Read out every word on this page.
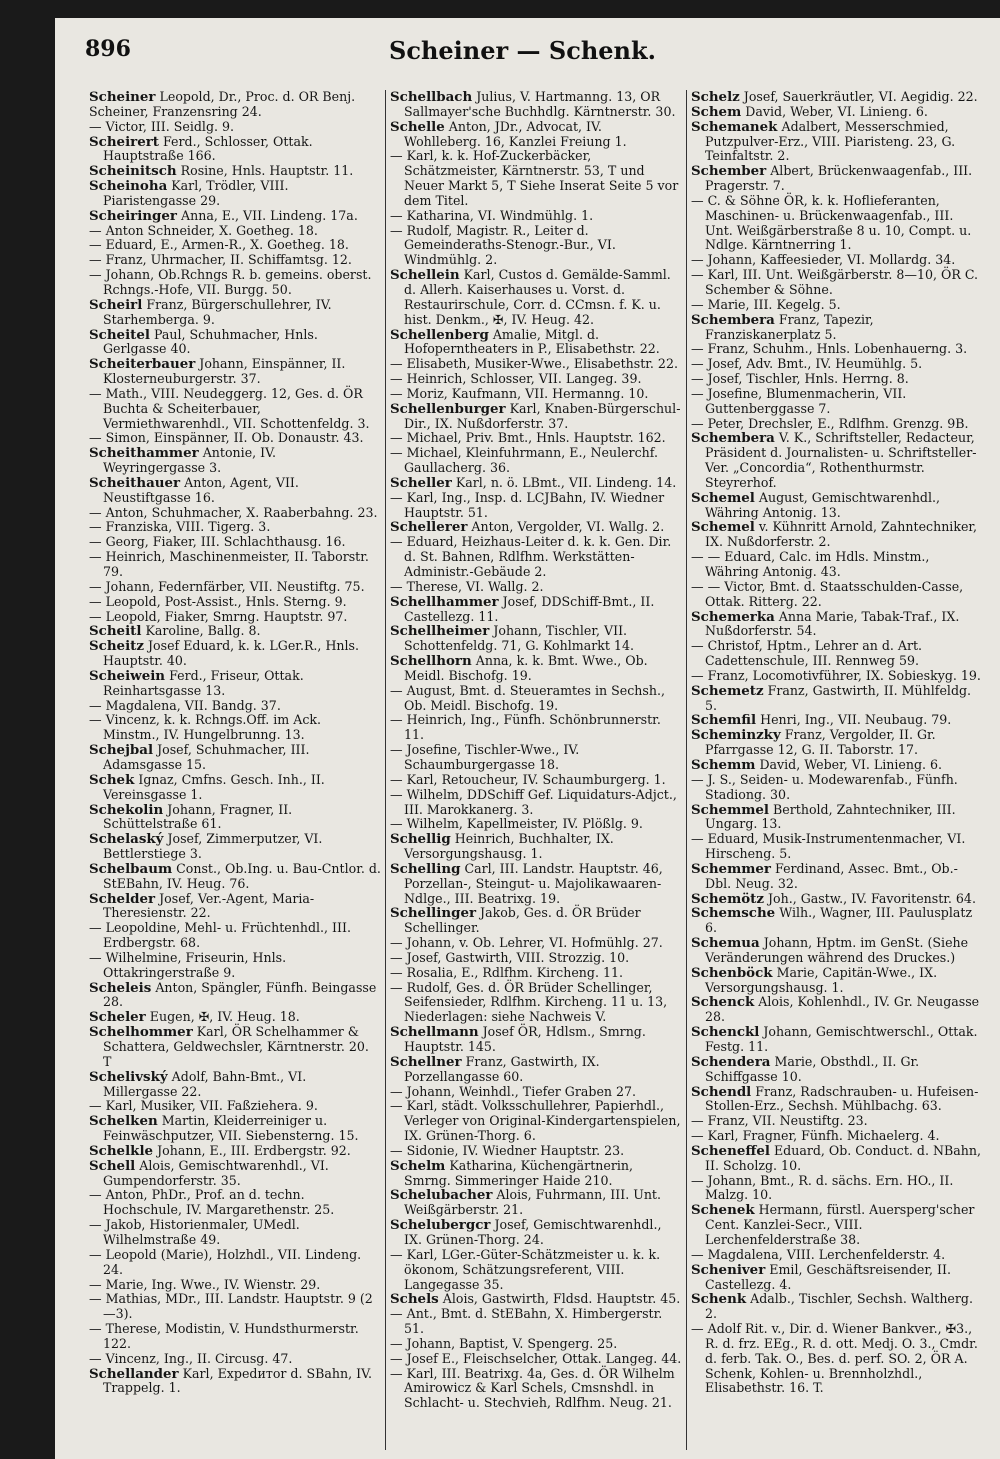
896	Scheiner — Schenk.

Scheiner Leopold, Dr., Proc. d. ÖR Benj.

Scheiner, Franzensring 24.

— Victor, III. Seidlg. 9.

Scheirert Ferd., Schlosser, Ottak. Hauptstraße 166.

Scheinitsch Rosine, Hnls. Hauptstr. 11.

Scheinoha Karl, Trödler, VIII. Piaristengasse 29.

Scheiringer Anna, E., VII. Lindeng. 17a.

— Anton Schneider, X. Goetheg. 18.

— Eduard, E., Armen-R., X. Goetheg. 18.

— Franz, Uhrmacher, II. Schiffamtsg. 12.

— Johann, Ob.Rchngs R. b. gemeins. oberst. Rchngs.-Hofe, VII. Burgg. 50.

Scheirl Franz, Bürgerschullehrer, IV. Starhemberga. 9.

Scheitel Paul, Schuhmacher, Hnls. Gerlgasse 40.

Scheiterbauer Johann, Einspänner, II. Klosterneuburgerstr. 37.

— Math., VIII. Neudeggerg. 12, Ges. d. ÖR Buchta & Scheiterbauer, Vermiethwarenhdl., VII. Schottenfeldg. 3.

— Simon, Einspänner, II. Ob. Donaustr. 43.

Scheithammer Antonie, IV. Weyringergasse 3.

Scheithauer Anton, Agent, VII. Neustiftgasse 16.

— Anton, Schuhmacher, X. Raaberbahng. 23.

— Franziska, VIII. Tigerg. 3.

— Georg, Fiaker, III. Schlachthausg. 16.

— Heinrich, Maschinenmeister, II. Taborstr. 79.

— Johann, Federnfärber, VII. Neustiftg. 75.

— Leopold, Post-Assist., Hnls. Sterng. 9.

— Leopold, Fiaker, Smrng. Hauptstr. 97.

Scheitl Karoline, Ballg. 8.

Scheitz Josef Eduard, k. k. LGer.R., Hnls. Hauptstr. 40.

Scheiwein Ferd., Friseur, Ottak. Reinhartsgasse 13.

— Magdalena, VII. Bandg. 37.

— Vincenz, k. k. Rchngs.Off. im Ack. Minstm., IV. Hungelbrunng. 13.

Schejbal Josef, Schuhmacher, III. Adamsgasse 15.

Schek Ignaz, Cmfns. Gesch. Inh., II. Vereinsgasse 1.

Schekolin Johann, Fragner, II. Schüttelstraße 61.

Schelaský Josef, Zimmerputzer, VI. Bettlerstiege 3.

Schelbaum Const., Ob.Ing. u. Bau-Cntlor. d. StEBahn, IV. Heug. 76.

Schelder Josef, Ver.-Agent, Maria-Theresienstr. 22.

— Leopoldine, Mehl- u. Früchtenhdl., III. Erdbergstr. 68.

— Wilhelmine, Friseurin, Hnls. Ottakringerstraße 9.

Scheleis Anton, Spängler, Fünfh. Beingasse 28.

Scheler Eugen, ✠, IV. Heug. 18.

Schelhommer Karl, ÖR Schelhammer & Schattera, Geldwechsler, Kärntnerstr. 20. T

Schelivský Adolf, Bahn-Bmt., VI. Millergasse 22.

— Karl, Musiker, VII. Faßziehera. 9.

Schelken Martin, Kleiderreiniger u. Feinwäschputzer, VII. Siebensterng. 15.

Schelkle Johann, E., III. Erdbergstr. 92.

Schell Alois, Gemischtwarenhdl., VI. Gumpendorferstr. 35.

— Anton, PhDr., Prof. an d. techn. Hochschule, IV. Margarethenstr. 25.

— Jakob, Historienmaler, UMedl. Wilhelmstraße 49.

— Leopold (Marie), Holzhdl., VII. Lindeng. 24.

— Marie, Ing. Wwe., IV. Wienstr. 29.

— Mathias, MDr., III. Landstr. Hauptstr. 9 (2—3).

— Therese, Modistin, V. Hundsthurmerstr. 122.

— Vincenz, Ing., II. Circusg. 47.

Schellander Karl, Expedитor d. SBahn, IV. Trappelg. 1.

Schellbach Julius, V. Hartmanng. 13, ÖR Sallmayer'sche Buchhdlg. Kärntnerstr. 30.

Schelle Anton, JDr., Advocat, IV. Wohlleberg. 16, Kanzlei Freiung 1.

— Karl, k. k. Hof-Zuckerbäcker, Schätzmeister, Kärntnerstr. 53, T und Neuer Markt 5, T Siehe Inserat Seite 5 vor dem Titel.

— Katharina, VI. Windmühlg. 1.

— Rudolf, Magistr. R., Leiter d. Gemeinderaths-Stenogr.-Bur., VI. Windmühlg. 2.

Schellein Karl, Custos d. Gemälde-Samml. d. Allerh. Kaiserhauses u. Vorst. d. Restaurirschule, Corr. d. CCmsn. f. K. u. hist. Denkm., ✠, IV. Heug. 42.

Schellenberg Amalie, Mitgl. d. Hofoperntheaters in P., Elisabethstr. 22.

— Elisabeth, Musiker-Wwe., Elisabethstr. 22.

— Heinrich, Schlosser, VII. Langeg. 39.

— Moriz, Kaufmann, VII. Hermanng. 10.

Schellenburger Karl, Knaben-Bürgerschul-Dir., IX. Nußdorferstr. 37.

— Michael, Priv. Bmt., Hnls. Hauptstr. 162.

— Michael, Kleinfuhrmann, E., Neulerchf. Gaullacherg. 36.

Scheller Karl, n. ö. LBmt., VII. Lindeng. 14.

— Karl, Ing., Insp. d. LCJBahn, IV. Wiedner Hauptstr. 51.

Schellerer Anton, Vergolder, VI. Wallg. 2.

— Eduard, Heizhaus-Leiter d. k. k. Gen. Dir. d. St. Bahnen, Rdlfhm. Werkstätten-Administr.-Gebäude 2.

— Therese, VI. Wallg. 2.

Schellhammer Josef, DDSchiff-Bmt., II. Castellezg. 11.

Schellheimer Johann, Tischler, VII. Schottenfeldg. 71, G. Kohlmarkt 14.

Schellhorn Anna, k. k. Bmt. Wwe., Ob. Meidl. Bischofg. 19.

— August, Bmt. d. Steueramtes in Sechsh., Ob. Meidl. Bischofg. 19.

— Heinrich, Ing., Fünfh. Schönbrunnerstr. 11.

— Josefine, Tischler-Wwe., IV. Schaumburgergasse 18.

— Karl, Retoucheur, IV. Schaumburgerg. 1.

— Wilhelm, DDSchiff Gef. Liquidaturs-Adjct., III. Marokkanerg. 3.

— Wilhelm, Kapellmeister, IV. Plößlg. 9.

Schellig Heinrich, Buchhalter, IX. Versorgungshausg. 1.

Schelling Carl, III. Landstr. Hauptstr. 46, Porzellan-, Steingut- u. Majolikawaaren-Ndlge., III. Beatrixg. 19.

Schellinger Jakob, Ges. d. ÖR Brüder Schellinger.

— Johann, v. Ob. Lehrer, VI. Hofmühlg. 27.

— Josef, Gastwirth, VIII. Strozzig. 10.

— Rosalia, E., Rdlfhm. Kircheng. 11.

— Rudolf, Ges. d. ÖR Brüder Schellinger, Seifensieder, Rdlfhm. Kircheng. 11 u. 13, Niederlagen: siehe Nachweis V.

Schellmann Josef ÖR, Hdlsm., Smrng. Hauptstr. 145.

Schellner Franz, Gastwirth, IX. Porzellangasse 60.

— Johann, Weinhdl., Tiefer Graben 27.

— Karl, städt. Volksschullehrer, Papierhdl., Verleger von Original-Kindergartenspielen, IX. Grünen-Thorg. 6.

— Sidonie, IV. Wiedner Hauptstr. 23.

Schelm Katharina, Küchengärtnerin, Smrng. Simmeringer Haide 210.

Schelubacher Alois, Fuhrmann, III. Unt. Weißgärberstr. 21.

Schelubergcr Josef, Gemischtwarenhdl., IX. Grünen-Thorg. 24.

— Karl, LGer.-Güter-Schätzmeister u. k. k. ökonom, Schätzungsreferent, VIII. Langegasse 35.

Schels Alois, Gastwirth, Fldsd. Hauptstr. 45.

— Ant., Bmt. d. StEBahn, X. Himbergerstr. 51.

— Johann, Baptist, V. Spengerg. 25.

— Josef E., Fleischselcher, Ottak. Langeg. 44.

— Karl, III. Beatrixg. 4a, Ges. d. ÖR Wilhelm Amirowicz & Karl Schels, Cmsnshdl. in Schlacht- u. Stechvieh, Rdlfhm. Neug. 21.

Schelz Josef, Sauerkräutler, VI. Aegidig. 22.

Schem David, Weber, VI. Linieng. 6.

Schemanek Adalbert, Messerschmied, Putzpulver-Erz., VIII. Piaristeng. 23, G. Teinfaltstr. 2.

Schember Albert, Brückenwaagenfab., III. Pragerstr. 7.

— C. & Söhne ÖR, k. k. Hoflieferanten, Maschinen- u. Brückenwaagenfab., III. Unt. Weißgärberstraße 8 u. 10, Compt. u. Ndlge. Kärntnerring 1.

— Johann, Kaffeesieder, VI. Mollardg. 34.

— Karl, III. Unt. Weißgärberstr. 8—10, ÖR C. Schember & Söhne.

— Marie, III. Kegelg. 5.

Schembera Franz, Tapezir, Franziskanerplatz 5.

— Franz, Schuhm., Hnls. Lobenhauerng. 3.

— Josef, Adv. Bmt., IV. Heumühlg. 5.

— Josef, Tischler, Hnls. Herrng. 8.

— Josefine, Blumenmacherin, VII. Guttenberggasse 7.

— Peter, Drechsler, E., Rdlfhm. Grenzg. 9B.

Schembera V. K., Schriftsteller, Redacteur, Präsident d. Journalisten- u. Schriftsteller-Ver. „Concordia“, Rothenthurmstr. Steyrerhof.

Schemel August, Gemischtwarenhdl., Währing Antonig. 13.

Schemel v. Kühnritt Arnold, Zahntechniker, IX. Nußdorferstr. 2.

— — Eduard, Calc. im Hdls. Minstm., Währing Antonig. 43.

— — Victor, Bmt. d. Staatsschulden-Casse, Ottak. Ritterg. 22.

Schemerka Anna Marie, Tabak-Traf., IX. Nußdorferstr. 54.

— Christof, Hptm., Lehrer an d. Art. Cadettenschule, III. Rennweg 59.

— Franz, Locomotivführer, IX. Sobieskyg. 19.

Schemetz Franz, Gastwirth, II. Mühlfeldg. 5.

Schemfil Henri, Ing., VII. Neubaug. 79.

Scheminzky Franz, Vergolder, II. Gr. Pfarrgasse 12, G. II. Taborstr. 17.

Schemm David, Weber, VI. Linieng. 6.

— J. S., Seiden- u. Modewarenfab., Fünfh. Stadiong. 30.

Schemmel Berthold, Zahntechniker, III. Ungarg. 13.

— Eduard, Musik-Instrumentenmacher, VI. Hirscheng. 5.

Schemmer Ferdinand, Assec. Bmt., Ob.-Dbl. Neug. 32.

Schemötz Joh., Gastw., IV. Favoritenstr. 64.

Schemsche Wilh., Wagner, III. Paulusplatz 6.

Schemua Johann, Hptm. im GenSt. (Siehe Veränderungen während des Druckes.)

Schenböck Marie, Capitän-Wwe., IX. Versorgungshausg. 1.

Schenck Alois, Kohlenhdl., IV. Gr. Neugasse 28.

Schenckl Johann, Gemischtwerschl., Ottak. Festg. 11.

Schendera Marie, Obsthdl., II. Gr. Schiffgasse 10.

Schendl Franz, Radschrauben- u. Hufeisen-Stollen-Erz., Sechsh. Mühlbachg. 63.

— Franz, VII. Neustiftg. 23.

— Karl, Fragner, Fünfh. Michaelerg. 4.

Scheneffel Eduard, Ob. Conduct. d. NBahn, II. Scholzg. 10.

— Johann, Bmt., R. d. sächs. Ern. HO., II. Malzg. 10.

Schenek Hermann, fürstl. Auersperg'scher Cent. Kanzlei-Secr., VIII. Lerchenfelderstraße 38.

— Magdalena, VIII. Lerchenfelderstr. 4.

Scheniver Emil, Geschäftsreisender, II. Castellezg. 4.

Schenk Adalb., Tischler, Sechsh. Waltherg. 2.

— Adolf Rit. v., Dir. d. Wiener Bankver., ✠3., R. d. frz. EEg., R. d. ott. Medj. O. 3., Cmdr. d. ferb. Tak. O., Bes. d. perf. SO. 2, ÖR A. Schenk, Kohlen- u. Brennholzhdl., Elisabethstr. 16. T.
